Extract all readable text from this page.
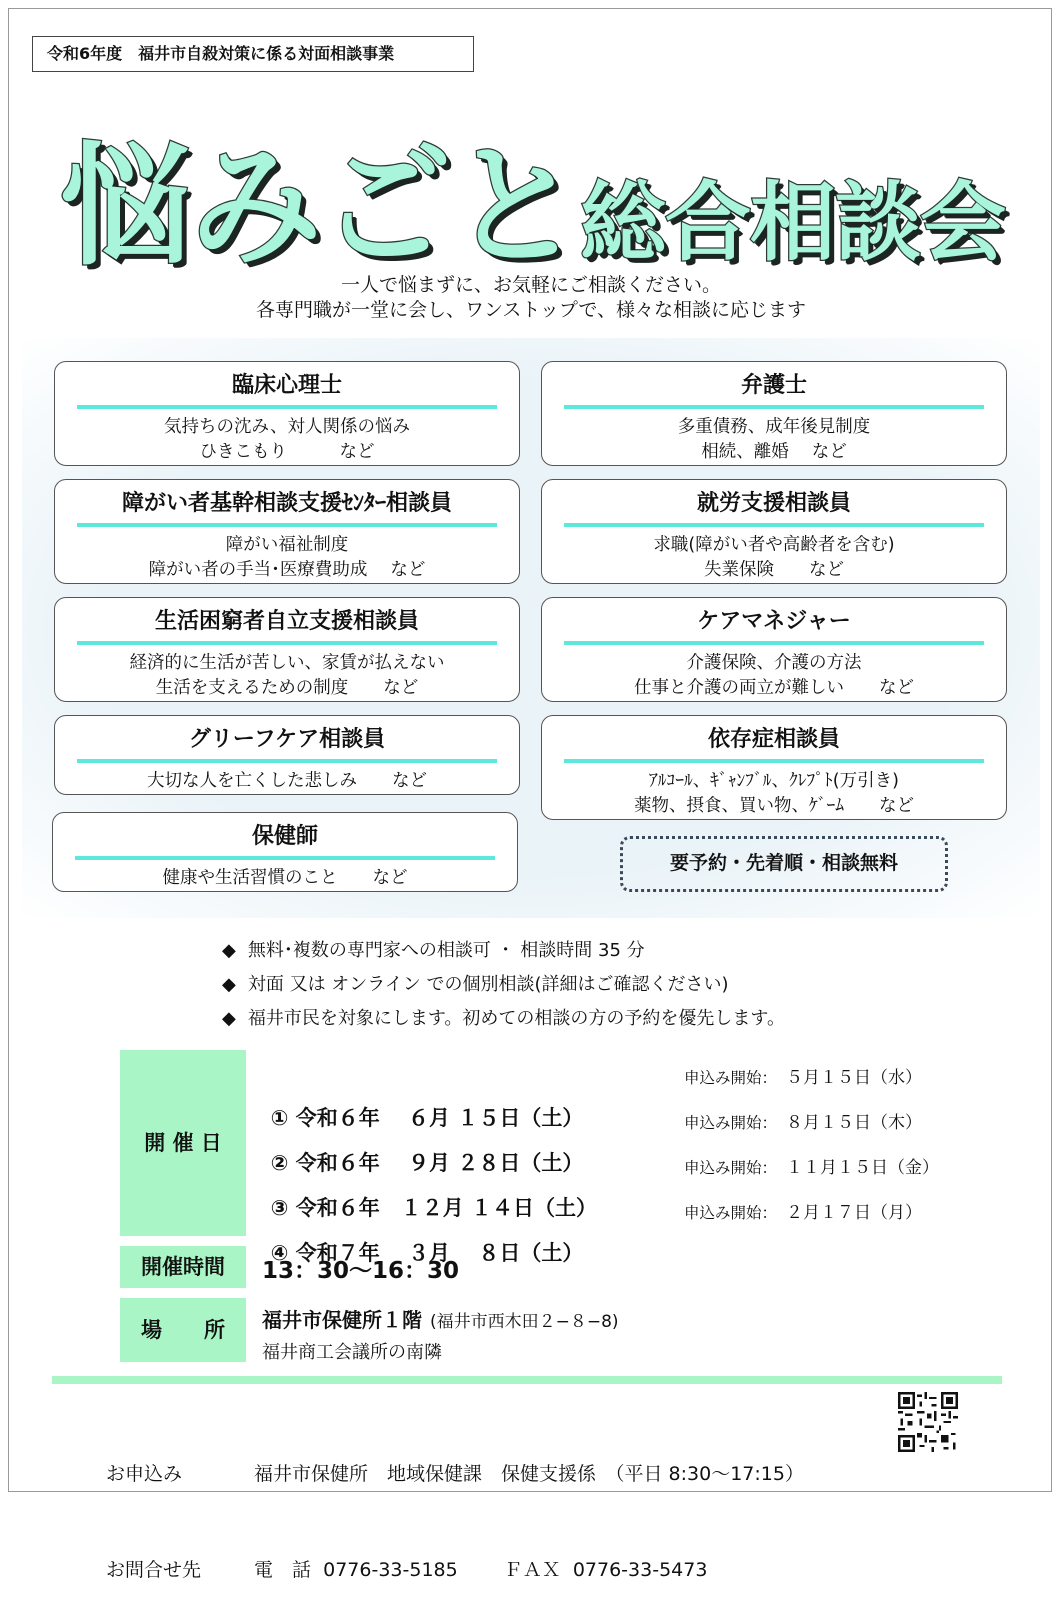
令和6年度　福井市自殺対策に係る対面相談事業
悩みごと総合相談会
一人で悩まずに、お気軽にご相談ください。
各専門職が一堂に会し、ワンストップで、様々な相談に応じます
臨床心理士
気持ちの沈み、対人関係の悩み
ひきこもり　　　など
障がい者基幹相談支援ｾﾝﾀｰ相談員
障がい福祉制度
障がい者の手当･医療費助成　 など
生活困窮者自立支援相談員
経済的に生活が苦しい、家賃が払えない
生活を支えるための制度　　など
グリーフケア相談員
大切な人を亡くした悲しみ　　など
保健師
健康や生活習慣のこと　　など
弁護士
多重債務、成年後見制度
相続、離婚　 など
就労支援相談員
求職(障がい者や高齢者を含む)
失業保険　　など
ケアマネジャー
介護保険、介護の方法
仕事と介護の両立が難しい　　など
依存症相談員
ｱﾙｺｰﾙ、ｷﾞｬﾝﾌﾞﾙ、ｸﾚﾌﾟﾄ(万引き)
薬物、摂食、買い物、ｹﾞｰﾑ　　など
要予約・先着順・相談無料
◆ 無料･複数の専門家への相談可 ・ 相談時間 35 分
◆ 対面 又は オンライン での個別相談(詳細はご確認ください)
◆ 福井市民を対象にします。初めての相談の方の予約を優先します。
開 催 日
開催時間
場　　所

① 令和６年　 ６月 １５日（土）

申込み開始：

５月１５日（水）

② 令和６年　 ９月 ２８日（土）

申込み開始：

８月１５日（木）

③ 令和６年　１２月 １４日（土）

申込み開始：

１１月１５日（金）

④ 令和７年　 ３月 　８日（土）

申込み開始：

２月１７日（月）

13：30〜16：30
福井市保健所１階 (福井市西木田２−８−8)
福井商工会議所の南隣

お申込み

お問合せ先

福井市保健所　地域保健課　保健支援係　（平日 8:30〜17:15）

電　話 0776-33-5185 ＦＡＸ 0776-33-5473
